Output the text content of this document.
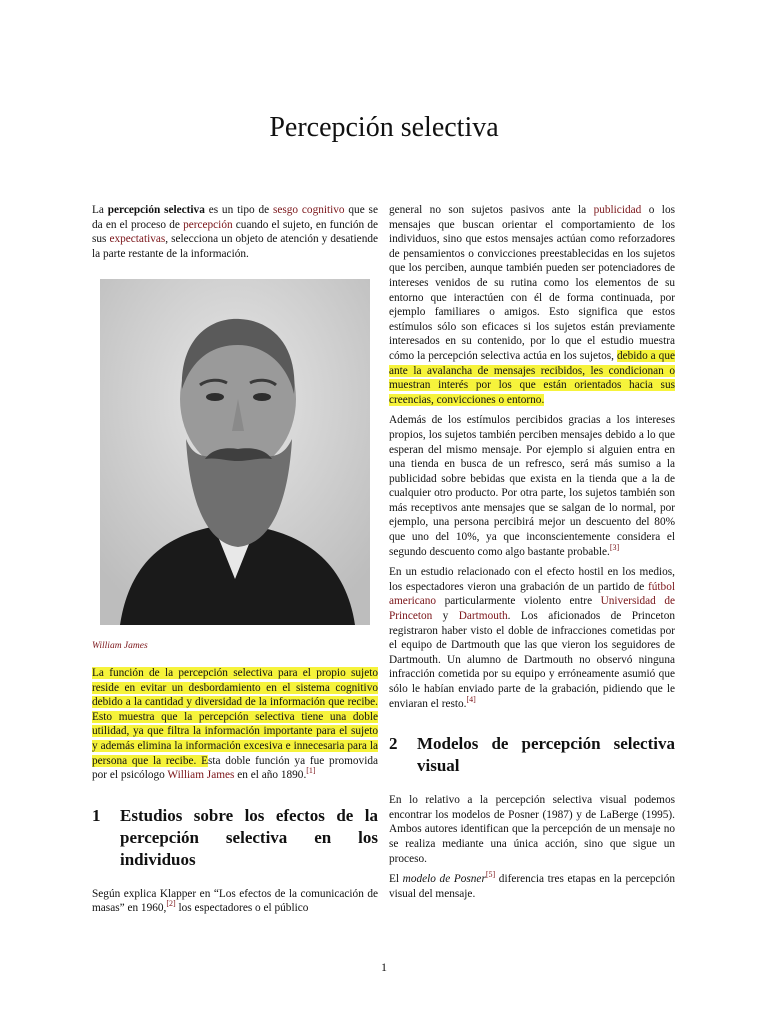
Percepción selectiva

La percepción selectiva es un tipo de sesgo cognitivo que se da en el proceso de percepción cuando el sujeto, en función de sus expectativas, selecciona un objeto de atención y desatiende la parte restante de la información.

William James

La función de la percepción selectiva para el propio sujeto reside en evitar un desbordamiento en el sistema cognitivo debido a la cantidad y diversidad de la información que recibe. Esto muestra que la percepción selectiva tiene una doble utilidad, ya que filtra la información importante para el sujeto y además elimina la información excesiva e innecesaria para la persona que la recibe. Esta doble función ya fue promovida por el psicólogo William James en el año 1890.[1]

1	Estudios sobre los efectos de la percepción selectiva en los individuos

Según explica Klapper en “Los efectos de la comunicación de masas” en 1960,[2] los espectadores o el público

general no son sujetos pasivos ante la publicidad o los mensajes que buscan orientar el comportamiento de los individuos, sino que estos mensajes actúan como reforzadores de pensamientos o convicciones preestablecidas en los sujetos que los perciben, aunque también pueden ser potenciadores de intereses venidos de su rutina como los elementos de su entorno que interactúen con él de forma continuada, por ejemplo familiares o amigos. Esto significa que estos estímulos sólo son eficaces si los sujetos están previamente interesados en su contenido, por lo que el estudio muestra cómo la percepción selectiva actúa en los sujetos, debido a que ante la avalancha de mensajes recibidos, les condicionan o muestran interés por los que están orientados hacia sus creencias, convicciones o entorno.

Además de los estímulos percibidos gracias a los intereses propios, los sujetos también perciben mensajes debido a lo que esperan del mismo mensaje. Por ejemplo si alguien entra en una tienda en busca de un refresco, será más sumiso a la publicidad sobre bebidas que exista en la tienda que a la de cualquier otro producto. Por otra parte, los sujetos también son más receptivos ante mensajes que se salgan de lo normal, por ejemplo, una persona percibirá mejor un descuento del 80% que uno del 10%, ya que inconscientemente considera el segundo descuento como algo bastante probable.[3]

En un estudio relacionado con el efecto hostil en los medios, los espectadores vieron una grabación de un partido de fútbol americano particularmente violento entre Universidad de Princeton y Dartmouth. Los aficionados de Princeton registraron haber visto el doble de infracciones cometidas por el equipo de Dartmouth que las que vieron los seguidores de Dartmouth. Un alumno de Dartmouth no observó ninguna infracción cometida por su equipo y erróneamente asumió que sólo le habían enviado parte de la grabación, pidiendo que le enviaran el resto.[4]

2	Modelos de percepción selectiva visual

En lo relativo a la percepción selectiva visual podemos encontrar los modelos de Posner (1987) y de LaBerge (1995). Ambos autores identifican que la percepción de un mensaje no se realiza mediante una única acción, sino que sigue un proceso.

El modelo de Posner[5] diferencia tres etapas en la percepción visual del mensaje.

1
